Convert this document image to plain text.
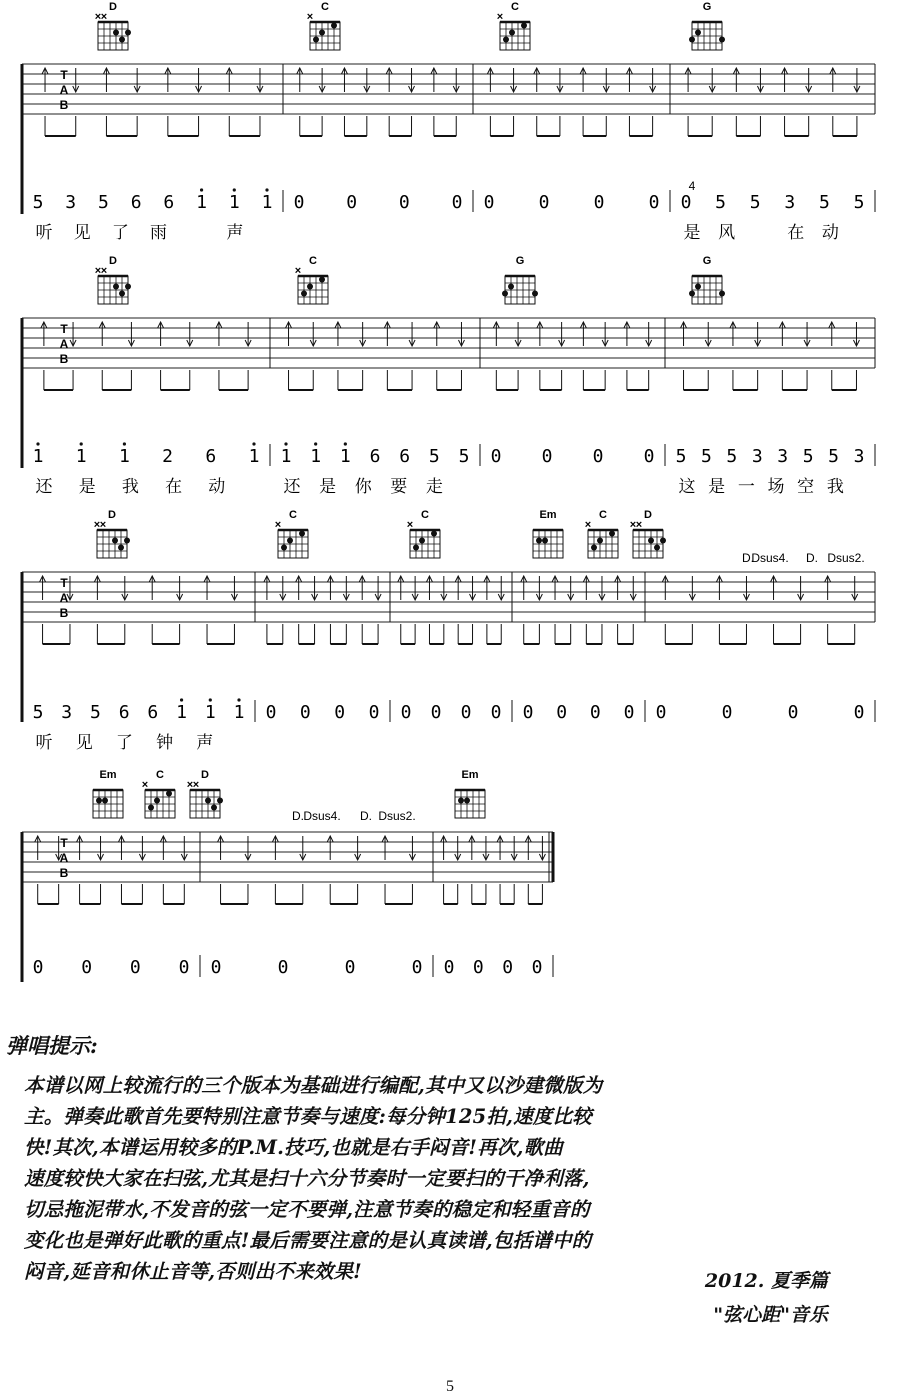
T
A
B
D
× ×
C
×
C
×
G
5 3 5 6 6 1 1 1
听 见 了 雨	声
0 0 0 0 0 0 0 0 0 5 5 3 5 5
4
是 风	在 动
T
A
B
D
× ×
C
×
G	G
1 1 1 2 6 1
还 是 我 在 动
1 1 1 6 6 5 5
还 是 你 要 走
0 0 0 0 5 5 5 3 3 5 5 3
这 是 一 场 空 我
T
A
B
D
× ×
C
×
C
×
Em	C
×
D
× ×
D.
Dsus4. D. Dsus2.
5 3 5 6 6 1 1 1
听 见 了 钟 声
0 0 0 0 0 0 0 0 0 0 0 0 0	0	0	0
T
A
B
Em	C
×
D
× ×
Em
D. Dsus4. D. Dsus2.
0 0 0 0 0	0	0	0 0 0 0 0
弹唱提示:
本谱以网上较流行的三个版本为基础进行编配,其中又以沙建微版为
主。弹奏此歌首先要特别注意节奏与速度:每分钟125拍,速度比较
快!其次,本谱运用较多的P.M.技巧,也就是右手闷音!再次,歌曲
速度较快大家在扫弦,尤其是扫十六分节奏时一定要扫的干净利落,
切忌拖泥带水,不发音的弦一定不要弹,注意节奏的稳定和轻重音的
变化也是弹好此歌的重点!最后需要注意的是认真读谱,包括谱中的
闷音,延音和休止音等,否则出不来效果!	2012. 夏季篇
"弦心距"音乐
5
